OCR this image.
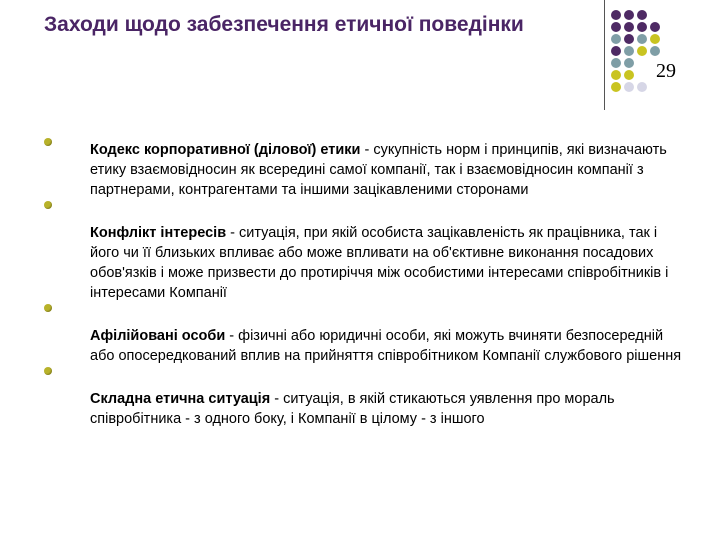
Заходи щодо забезпечення етичної поведінки
29
Кодекс корпоративної (ділової) етики - сукупність норм і принципів, які визначають етику взаємовідносин як всередині самої компанії, так і взаємовідносин компанії з партнерами, контрагентами та іншими зацікавленими сторонами
Конфлікт інтересів - ситуація, при якій особиста зацікавленість як працівника, так і його чи її близьких впливає або може впливати на об'єктивне виконання посадових обов'язків і може призвести до протиріччя між особистими інтересами співробітників і інтересами Компанії
Афілійовані особи - фізичні або юридичні особи, які можуть вчиняти безпосередній або опосередкований вплив на прийняття співробітником Компанії службового рішення
Складна етична ситуація - ситуація, в якій стикаються уявлення про мораль співробітника - з одного боку, і Компанії в цілому - з іншого
